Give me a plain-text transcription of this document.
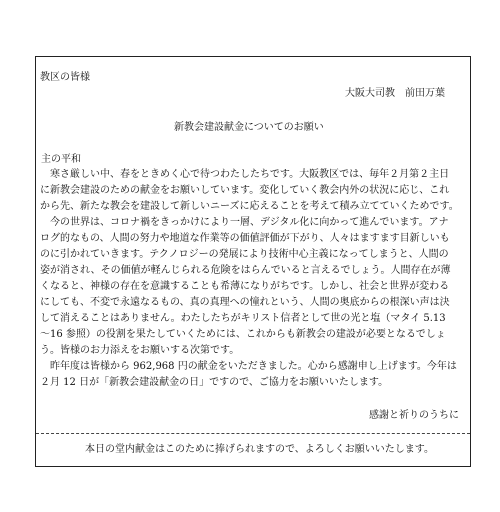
教区の皆様
大阪大司教　前田万葉
新教会建設献金についてのお願い
主の平和
　寒さ厳しい中、春をときめく心で待つわたしたちです。大阪教区では、毎年２月第２主日
に新教会建設のための献金をお願いしています。変化していく教会内外の状況に応じ、これ
から先、新たな教会を建設して新しいニーズに応えることを考えて積み立てていくためです。
　今の世界は、コロナ禍をきっかけにより一層、デジタル化に向かって進んでいます。アナ
ログ的なもの、人間の努力や地道な作業等の価値評価が下がり、人々はますます目新しいも
のに引かれていきます。テクノロジーの発展により技術中心主義になってしまうと、人間の
姿が消され、その価値が軽んじられる危険をはらんでいると言えるでしょう。人間存在が薄
くなると、神様の存在を意識することも希薄になりがちです。しかし、社会と世界が変わる
にしても、不変で永遠なるもの、真の真理への憧れという、人間の奥底からの根深い声は決
して消えることはありません。わたしたちがキリスト信者として世の光と塩（マタイ 5.13
〜16 参照）の役割を果たしていくためには、これからも新教会の建設が必要となるでしょ
う。皆様のお力添えをお願いする次第です。
　昨年度は皆様から 962,968 円の献金をいただきました。心から感謝申し上げます。今年は
２月 12 日が「新教会建設献金の日」ですので、ご協力をお願いいたします。
感謝と祈りのうちに
本日の堂内献金はこのために捧げられますので、よろしくお願いいたします。
